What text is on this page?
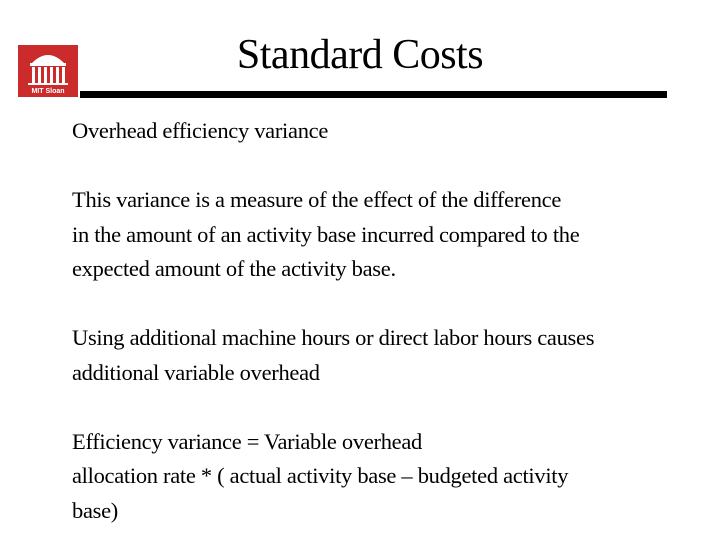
MIT Sloan
Standard Costs

Overhead efficiency variance

This variance is a measure of the effect of the difference
in the amount of an activity base incurred compared to the
expected amount of the activity base.

Using additional machine hours or direct labor hours causes
additional variable overhead

Efficiency variance = Variable overhead
allocation rate * ( actual activity base – budgeted activity
base)
